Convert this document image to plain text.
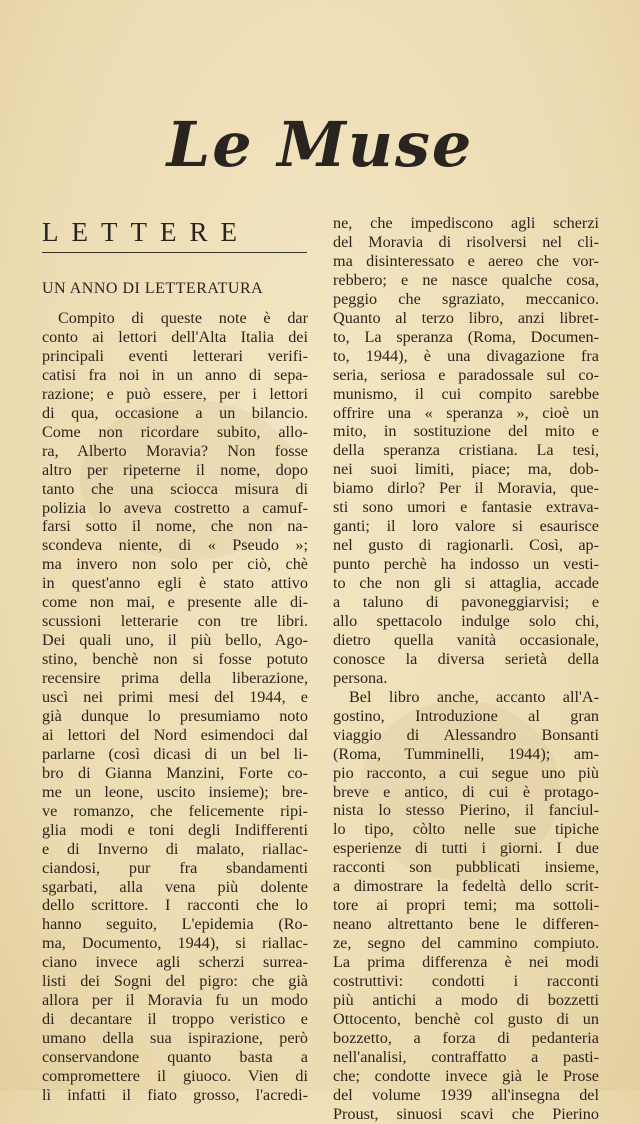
Le Muse
LETTERE
UN ANNO DI LETTERATURA
Compito di queste note è dar
conto ai lettori dell'Alta Italia dei
principali eventi letterari verifi-
catisi fra noi in un anno di sepa-
razione; e può essere, per i lettori
di qua, occasione a un bilancio.
Come non ricordare subito, allo-
ra, Alberto Moravia? Non fosse
altro per ripeterne il nome, dopo
tanto che una sciocca misura di
polizia lo aveva costretto a camuf-
farsi sotto il nome, che non na-
scondeva niente, di « Pseudo »;
ma invero non solo per ciò, chè
in quest'anno egli è stato attivo
come non mai, e presente alle di-
scussioni letterarie con tre libri.
Dei quali uno, il più bello, Ago-
stino, benchè non si fosse potuto
recensire prima della liberazione,
uscì nei primi mesi del 1944, e
già dunque lo presumiamo noto
ai lettori del Nord esimendoci dal
parlarne (così dicasi di un bel li-
bro di Gianna Manzini, Forte co-
me un leone, uscito insieme); bre-
ve romanzo, che felicemente ripi-
glia modi e toni degli Indifferenti
e di Inverno di malato, riallac-
ciandosi, pur fra sbandamenti
sgarbati, alla vena più dolente
dello scrittore. I racconti che lo
hanno seguito, L'epidemia (Ro-
ma, Documento, 1944), si riallac-
ciano invece agli scherzi surrea-
listi dei Sogni del pigro: che già
allora per il Moravia fu un modo
di decantare il troppo veristico e
umano della sua ispirazione, però
conservandone quanto basta a
compromettere il giuoco. Vien di
lì infatti il fiato grosso, l'acredi-
ne, che impediscono agli scherzi
del Moravia di risolversi nel cli-
ma disinteressato e aereo che vor-
rebbero; e ne nasce qualche cosa,
peggio che sgraziato, meccanico.
Quanto al terzo libro, anzi libret-
to, La speranza (Roma, Documen-
to, 1944), è una divagazione fra
seria, seriosa e paradossale sul co-
munismo, il cui compito sarebbe
offrire una « speranza », cioè un
mito, in sostituzione del mito e
della speranza cristiana. La tesi,
nei suoi limiti, piace; ma, dob-
biamo dirlo? Per il Moravia, que-
sti sono umori e fantasie extrava-
ganti; il loro valore si esaurisce
nel gusto di ragionarli. Così, ap-
punto perchè ha indosso un vesti-
to che non gli si attaglia, accade
a taluno di pavoneggiarvisi; e
allo spettacolo indulge solo chi,
dietro quella vanità occasionale,
conosce la diversa serietà della
persona.
Bel libro anche, accanto all'A-
gostino, Introduzione al gran
viaggio di Alessandro Bonsanti
(Roma, Tumminelli, 1944); am-
pio racconto, a cui segue uno più
breve e antico, di cui è protago-
nista lo stesso Pierino, il fanciul-
lo tipo, còlto nelle sue tipiche
esperienze di tutti i giorni. I due
racconti son pubblicati insieme,
a dimostrare la fedeltà dello scrit-
tore ai propri temi; ma sottoli-
neano altrettanto bene le differen-
ze, segno del cammino compiuto.
La prima differenza è nei modi
costruttivi: condotti i racconti
più antichi a modo di bozzetti
Ottocento, benchè col gusto di un
bozzetto, a forza di pedanteria
nell'analisi, contraffatto a pasti-
che; condotte invece già le Prose
del volume 1939 all'insegna del
Proust, sinuosi scavi che Pierino
